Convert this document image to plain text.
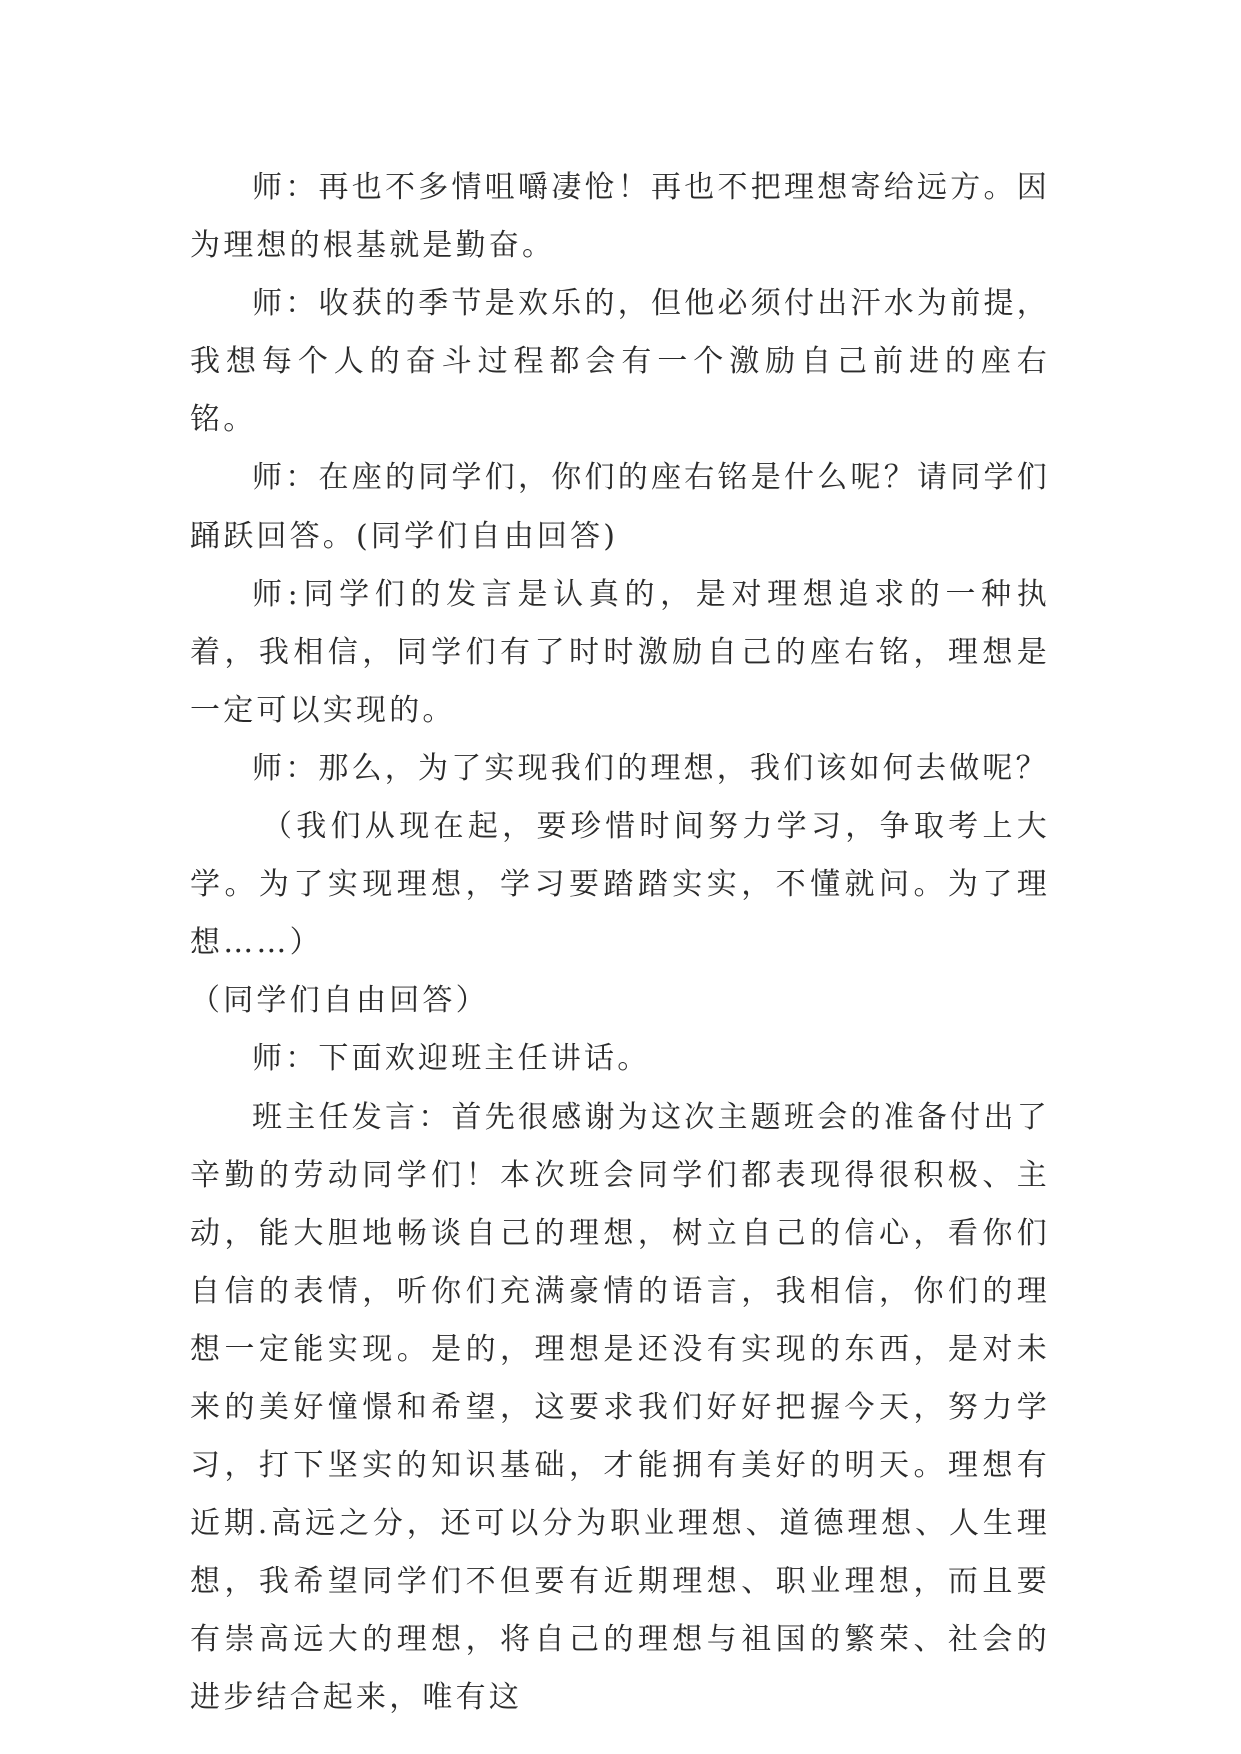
师：再也不多情咀嚼凄怆！再也不把理想寄给远方。因为理想的根基就是勤奋。

师：收获的季节是欢乐的，但他必须付出汗水为前提，我想每个人的奋斗过程都会有一个激励自己前进的座右铭。

师：在座的同学们，你们的座右铭是什么呢？请同学们踊跃回答。(同学们自由回答)

师:同学们的发言是认真的，是对理想追求的一种执着，我相信，同学们有了时时激励自己的座右铭，理想是一定可以实现的。

师：那么，为了实现我们的理想，我们该如何去做呢？

（我们从现在起，要珍惜时间努力学习，争取考上大学。为了实现理想，学习要踏踏实实，不懂就问。为了理想……）

（同学们自由回答）

师：下面欢迎班主任讲话。

班主任发言：首先很感谢为这次主题班会的准备付出了辛勤的劳动同学们！本次班会同学们都表现得很积极、主动，能大胆地畅谈自己的理想，树立自己的信心，看你们自信的表情，听你们充满豪情的语言，我相信，你们的理想一定能实现。是的，理想是还没有实现的东西，是对未来的美好憧憬和希望，这要求我们好好把握今天，努力学习，打下坚实的知识基础，才能拥有美好的明天。理想有近期.高远之分，还可以分为职业理想、道德理想、人生理想，我希望同学们不但要有近期理想、职业理想，而且要有崇高远大的理想，将自己的理想与祖国的繁荣、社会的进步结合起来，唯有这
